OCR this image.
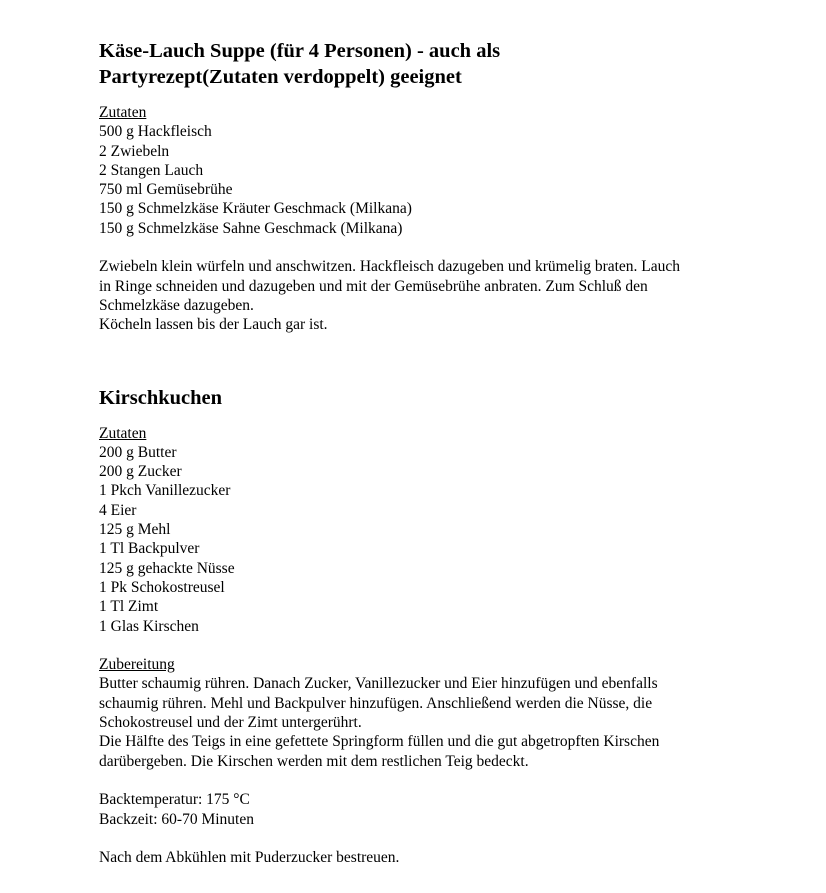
Käse-Lauch Suppe (für 4 Personen) - auch als
Partyrezept(Zutaten verdoppelt) geeignet
Zutaten
500 g Hackfleisch
2 Zwiebeln
2 Stangen Lauch
750 ml Gemüsebrühe
150 g Schmelzkäse Kräuter Geschmack (Milkana)
150 g Schmelzkäse Sahne Geschmack (Milkana)
Zwiebeln klein würfeln und anschwitzen. Hackfleisch dazugeben und krümelig braten. Lauch
in Ringe schneiden und dazugeben und mit der Gemüsebrühe anbraten. Zum Schluß den
Schmelzkäse dazugeben.
Köcheln lassen bis der Lauch gar ist.
Kirschkuchen
Zutaten
200 g Butter
200 g Zucker
1 Pkch Vanillezucker
4 Eier
125 g Mehl
1 Tl Backpulver
125 g gehackte Nüsse
1 Pk Schokostreusel
1 Tl Zimt
1 Glas Kirschen
Zubereitung
Butter schaumig rühren. Danach Zucker, Vanillezucker und Eier hinzufügen und ebenfalls
schaumig rühren. Mehl und Backpulver hinzufügen. Anschließend werden die Nüsse, die
Schokostreusel und der Zimt untergerührt.
Die Hälfte des Teigs in eine gefettete Springform füllen und die gut abgetropften Kirschen
darübergeben. Die Kirschen werden mit dem restlichen Teig bedeckt.
Backtemperatur: 175 °C
Backzeit: 60-70 Minuten
Nach dem Abkühlen mit Puderzucker bestreuen.
